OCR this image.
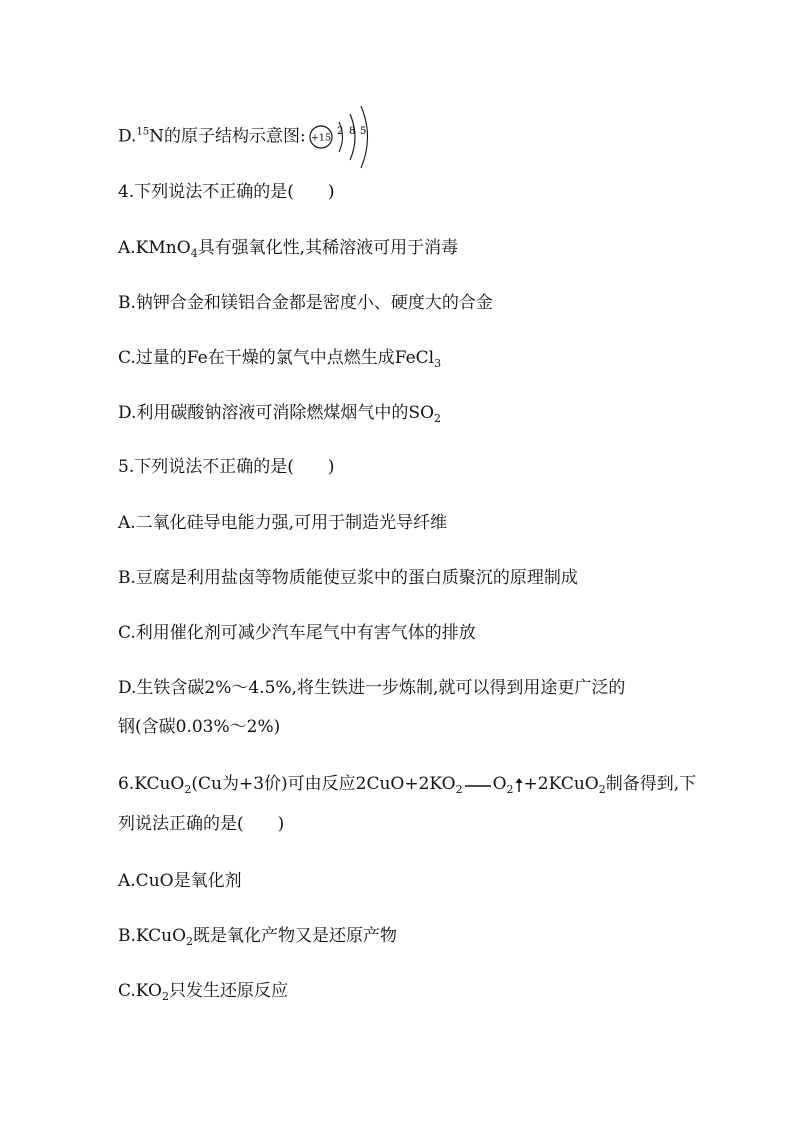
D.$^{15}$N的原子结构示意图: +15
2 8 5
4.下列说法不正确的是(　　)
A.KMnO$_4$具有强氧化性,其稀溶液可用于消毒
B.钠钾合金和镁铝合金都是密度小、硬度大的合金
C.过量的Fe在干燥的氯气中点燃生成FeCl$_3$
D.利用碳酸钠溶液可消除燃煤烟气中的$SO_2$
5.下列说法不正确的是(　　)
A.二氧化硅导电能力强,可用于制造光导纤维
B.豆腐是利用盐卤等物质能使豆浆中的蛋白质聚沉的原理制成
C.利用催化剂可减少汽车尾气中有害气体的排放
D.生铁含碳2%～4.5%,将生铁进一步炼制,就可以得到用途更广泛的
钢(含碳0.03%～2%)
6.KCuO$_2$(Cu为+3价)可由反应$2CuO+2KO_2$ $O_2$ +2KCuO$_2$制备得到,下
列说法正确的是(　　)
A.CuO是氧化剂
B.KCuO$_2$既是氧化产物又是还原产物
$C.KO_2$只发生还原反应
